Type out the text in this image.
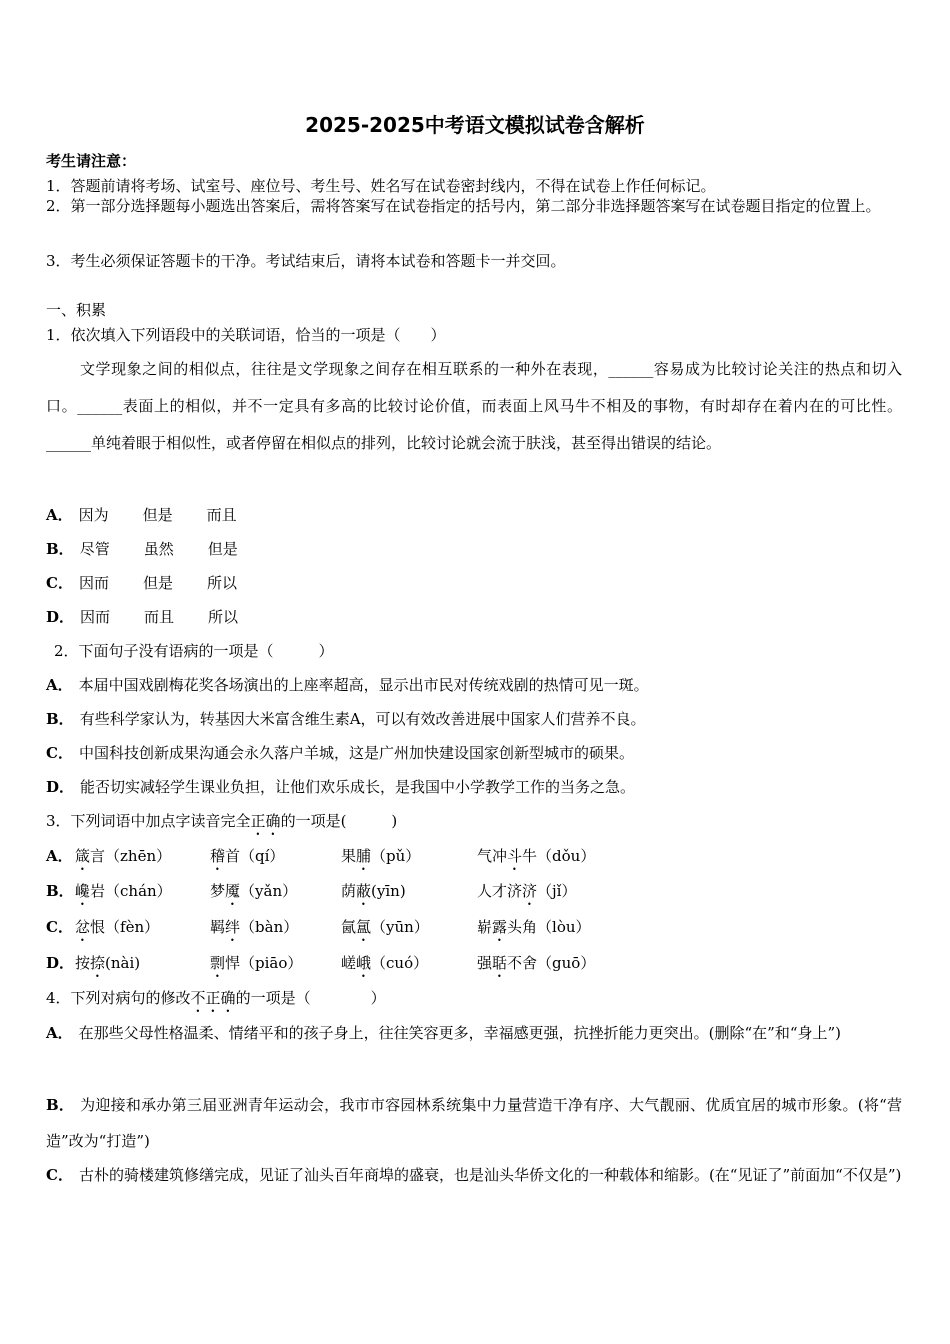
2025-2025中考语文模拟试卷含解析
考生请注意：
1．答题前请将考场、试室号、座位号、考生号、姓名写在试卷密封线内，不得在试卷上作任何标记。
2．第一部分选择题每小题选出答案后，需将答案写在试卷指定的括号内，第二部分非选择题答案写在试卷题目指定的位置上。
3．考生必须保证答题卡的干净。考试结束后，请将本试卷和答题卡一并交回。
一、积累
1．依次填入下列语段中的关联词语，恰当的一项是（　　）
文学现象之间的相似点，往往是文学现象之间存在相互联系的一种外在表现，______容易成为比较讨论关注的热点和切入口。______表面上的相似，并不一定具有多高的比较讨论价值，而表面上风马牛不相及的事物，有时却存在着内在的可比性。______单纯着眼于相似性，或者停留在相似点的排列，比较讨论就会流于肤浅，甚至得出错误的结论。
A． 因为 但是 而且
B． 尽管 虽然 但是
C． 因而 但是 所以
D． 因而 而且 所以
2．下面句子没有语病的一项是（　　　）
A． 本届中国戏剧梅花奖各场演出的上座率超高，显示出市民对传统戏剧的热情可见一斑。
B． 有些科学家认为，转基因大米富含维生素A，可以有效改善进展中国家人们营养不良。
C． 中国科技创新成果沟通会永久落户羊城，这是广州加快建设国家创新型城市的硕果。
D． 能否切实减轻学生课业负担，让他们欢乐成长，是我国中小学教学工作的当务之急。
3．下列词语中加点字读音完全正确的一项是(　　　)
A． 箴言（zhēn）	稽首（qí）	果脯（pǔ）	气冲斗牛（dǒu）
B．巉岩（chán）	梦魇（yǎn）	荫蔽(yīn)	人才济济（jǐ）
C． 忿恨（fèn）	羁绊（bàn）	氤氲（yūn）	崭露头角（lòu）
D．按捺(nài)	剽悍（piāo）	嵯峨（cuó）	强聒不舍（guō）
4．下列对病句的修改不正确的一项是（　　　　）
A． 在那些父母性格温柔、情绪平和的孩子身上，往往笑容更多，幸福感更强，抗挫折能力更突出。(删除“在”和“身上”)
B． 为迎接和承办第三届亚洲青年运动会，我市市容园林系统集中力量营造干净有序、大气靓丽、优质宜居的城市形象。(将“营造”改为“打造”)
C． 古朴的骑楼建筑修缮完成，见证了汕头百年商埠的盛衰，也是汕头华侨文化的一种载体和缩影。(在“见证了”前面加“不仅是”)
